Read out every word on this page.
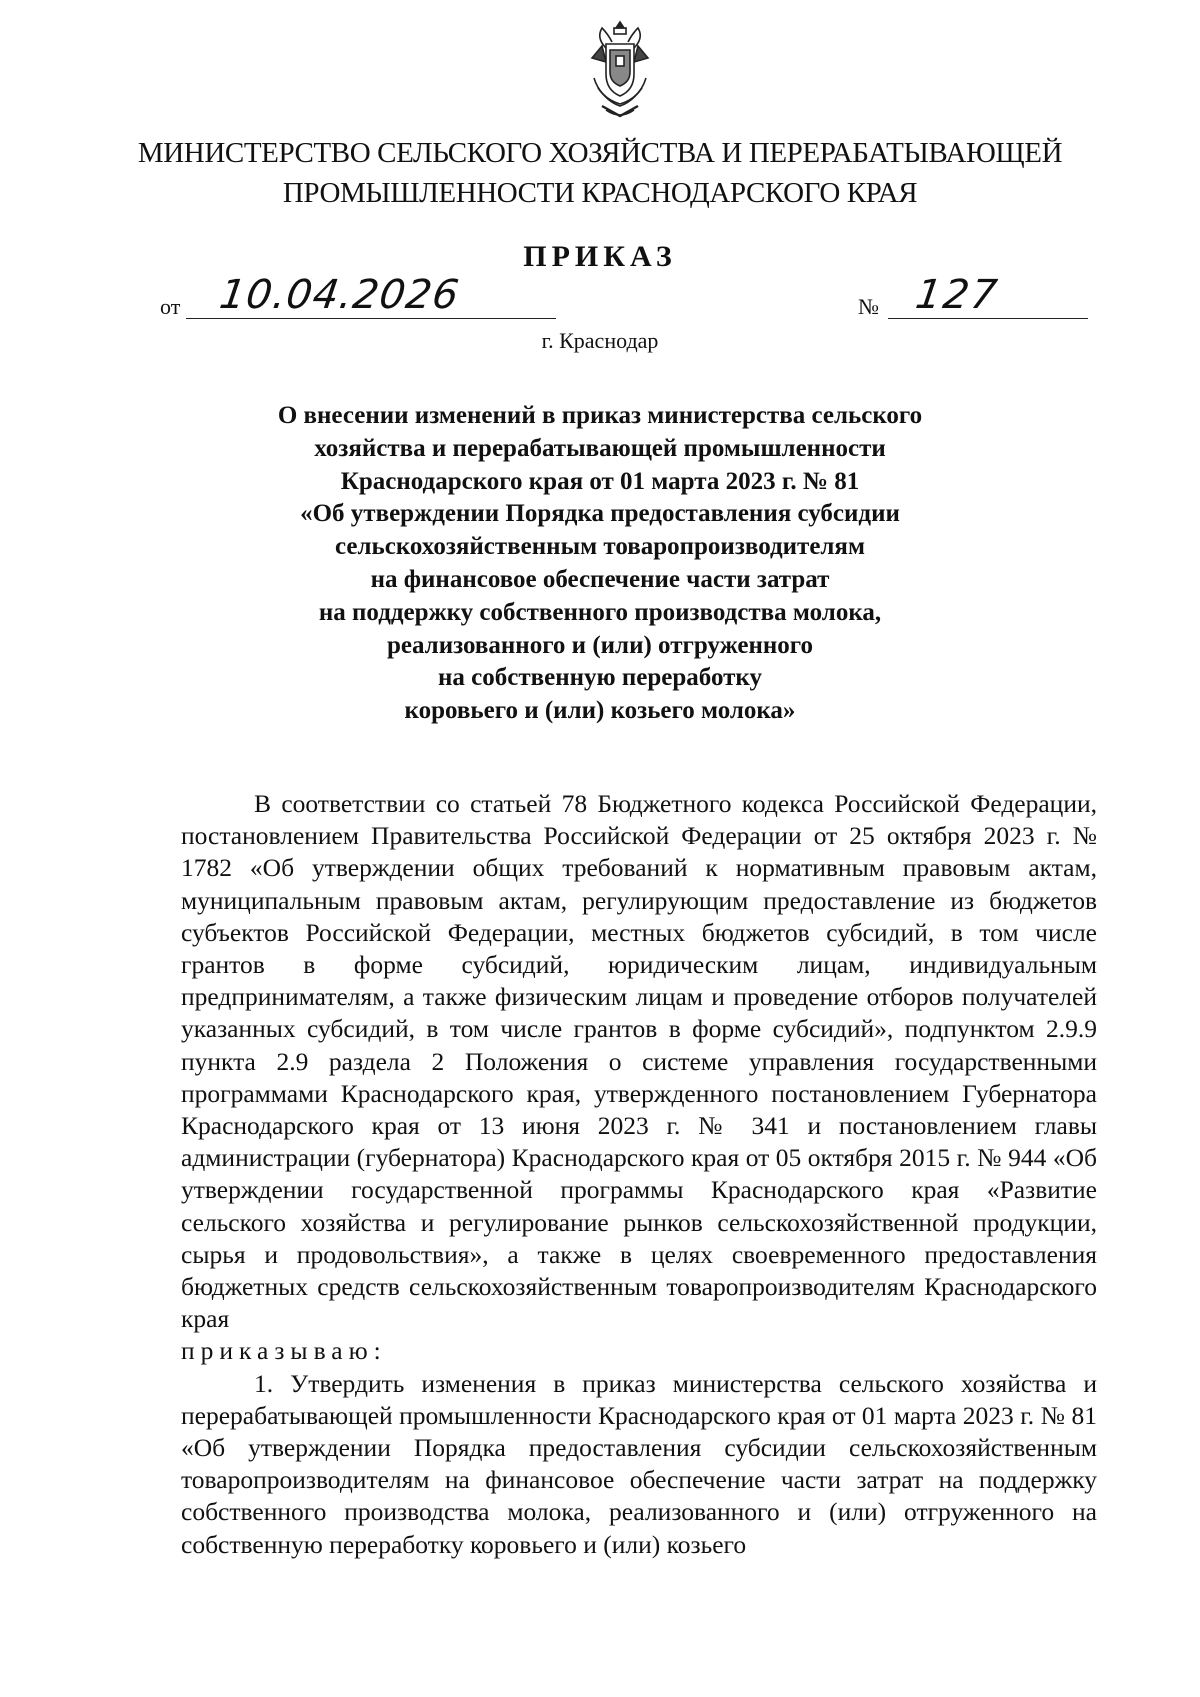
МИНИСТЕРСТВО СЕЛЬСКОГО ХОЗЯЙСТВА И ПЕРЕРАБАТЫВАЮЩЕЙ
ПРОМЫШЛЕННОСТИ КРАСНОДАРСКОГО КРАЯ
ПРИКАЗ
от 10.04.2026	№ 127
г. Краснодар
О внесении изменений в приказ министерства сельского
хозяйства и перерабатывающей промышленности
Краснодарского края от 01 марта 2023 г. № 81
«Об утверждении Порядка предоставления субсидии
сельскохозяйственным товаропроизводителям
на финансовое обеспечение части затрат
на поддержку собственного производства молока,
реализованного и (или) отгруженного
на собственную переработку
коровьего и (или) козьего молока»

В соответствии со статьей 78 Бюджетного кодекса Российской Федерации, постановлением Правительства Российской Федерации от 25 октября 2023 г. № 1782 «Об утверждении общих требований к нормативным правовым актам, муниципальным правовым актам, регулирующим предоставление из бюджетов субъектов Российской Федерации, местных бюджетов субсидий, в том числе грантов в форме субсидий, юридическим лицам, индивидуальным предпринимателям, а также физическим лицам и проведение отборов получателей указанных субсидий, в том числе грантов в форме субсидий», подпунктом 2.9.9 пункта 2.9 раздела 2 Положения о системе управления государственными программами Краснодарского края, утвержденного постановлением Губернатора Краснодарского края от 13 июня 2023 г. № 341 и постановлением главы администрации (губернатора) Краснодарского края от 05 октября 2015 г. № 944 «Об утверждении государственной программы Краснодарского края «Развитие сельского хозяйства и регулирование рынков сельскохозяйственной продукции, сырья и продовольствия», а также в целях своевременного предоставления бюджетных средств сельскохозяйственным товаропроизводителям Краснодарского края

приказываю:

1. Утвердить изменения в приказ министерства сельского хозяйства и перерабатывающей промышленности Краснодарского края от 01 марта 2023 г. № 81 «Об утверждении Порядка предоставления субсидии сельскохозяйственным товаропроизводителям на финансовое обеспечение части затрат на поддержку собственного производства молока, реализованного и (или) отгруженного на собственную переработку коровьего и (или) козьего
